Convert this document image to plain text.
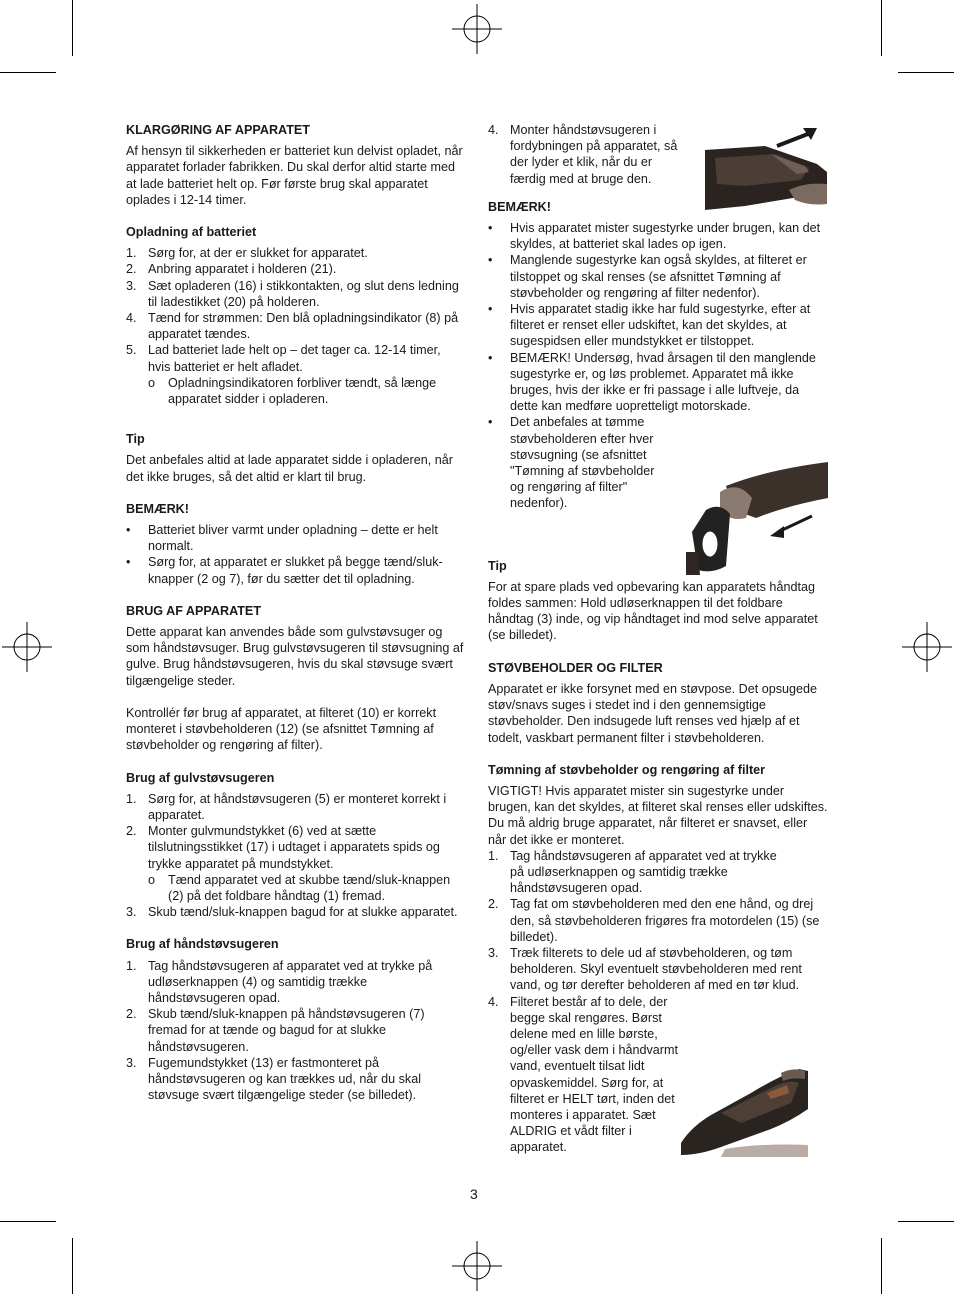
KLARGØRING AF APPARATET

Af hensyn til sikkerheden er batteriet kun delvist opladet, når apparatet forlader fabrikken. Du skal derfor altid starte med at lade batteriet helt op. Før første brug skal apparatet oplades i 12-14 timer.

Opladning af batteriet
1. Sørg for, at der er slukket for apparatet.
2. Anbring apparatet i holderen (21).
3. Sæt opladeren (16) i stikkontakten, og slut dens ledning til ladestikket (20) på holderen.
4. Tænd for strømmen: Den blå opladningsindikator (8) på apparatet tændes.
5. Lad batteriet lade helt op – det tager ca. 12-14 timer, hvis batteriet er helt afladet.
o Opladningsindikatoren forbliver tændt, så længe apparatet sidder i opladeren.
Tip

Det anbefales altid at lade apparatet sidde i opladeren, når det ikke bruges, så det altid er klart til brug.

BEMÆRK!
• Batteriet bliver varmt under opladning – dette er helt normalt.
• Sørg for, at apparatet er slukket på begge tænd/sluk-knapper (2 og 7), før du sætter det til opladning.
BRUG AF APPARATET

Dette apparat kan anvendes både som gulvstøvsuger og som håndstøvsuger. Brug gulvstøvsugeren til støvsugning af gulve. Brug håndstøvsugeren, hvis du skal støvsuge svært tilgængelige steder.

Kontrollér før brug af apparatet, at filteret (10) er korrekt monteret i støvbeholderen (12) (se afsnittet Tømning af støvbeholder og rengøring af filter).

Brug af gulvstøvsugeren
1. Sørg for, at håndstøvsugeren (5) er monteret korrekt i apparatet.
2. Monter gulvmundstykket (6) ved at sætte tilslutningsstikket (17) i udtaget i apparatets spids og trykke apparatet på mundstykket.
o Tænd apparatet ved at skubbe tænd/sluk-knappen (2) på det foldbare håndtag (1) fremad.
3. Skub tænd/sluk-knappen bagud for at slukke apparatet.
Brug af håndstøvsugeren
1. Tag håndstøvsugeren af apparatet ved at trykke på udløserknappen (4) og samtidig trække håndstøvsugeren opad.
2. Skub tænd/sluk-knappen på håndstøvsugeren (7) fremad for at tænde og bagud for at slukke håndstøvsugeren.
3. Fugemundstykket (13) er fastmonteret på håndstøvsugeren og kan trækkes ud, når du skal støvsuge svært tilgængelige steder (se billedet).
4. Monter håndstøvsugeren i fordybningen på apparatet, så der lyder et klik, når du er færdig med at bruge den.
BEMÆRK!
• Hvis apparatet mister sugestyrke under brugen, kan det skyldes, at batteriet skal lades op igen.
• Manglende sugestyrke kan også skyldes, at filteret er tilstoppet og skal renses (se afsnittet Tømning af støvbeholder og rengøring af filter nedenfor).
• Hvis apparatet stadig ikke har fuld sugestyrke, efter at filteret er renset eller udskiftet, kan det skyldes, at sugespidsen eller mundstykket er tilstoppet.
• BEMÆRK! Undersøg, hvad årsagen til den manglende sugestyrke er, og løs problemet. Apparatet må ikke bruges, hvis der ikke er fri passage i alle luftveje, da dette kan medføre uopretteligt motorskade.
• Det anbefales at tømme støvbeholderen efter hver støvsugning (se afsnittet "Tømning af støvbeholder og rengøring af filter" nedenfor).
Tip

For at spare plads ved opbevaring kan apparatets håndtag foldes sammen: Hold udløserknappen til det foldbare håndtag (3) inde, og vip håndtaget ind mod selve apparatet (se billedet).

STØVBEHOLDER OG FILTER

Apparatet er ikke forsynet med en støvpose. Det opsugede støv/snavs suges i stedet ind i den gennemsigtige støvbeholder. Den indsugede luft renses ved hjælp af et todelt, vaskbart permanent filter i støvbeholderen.

Tømning af støvbeholder og rengøring af filter

VIGTIGT! Hvis apparatet mister sin sugestyrke under brugen, kan det skyldes, at filteret skal renses eller udskiftes. Du må aldrig bruge apparatet, når filteret er snavset, eller når det ikke er monteret.

1. Tag håndstøvsugeren af apparatet ved at trykke på udløserknappen og samtidig trække håndstøvsugeren opad.
2. Tag fat om støvbeholderen med den ene hånd, og drej den, så støvbeholderen frigøres fra motordelen (15) (se billedet).
3. Træk filterets to dele ud af støvbeholderen, og tøm beholderen. Skyl eventuelt støvbeholderen med rent vand, og tør derefter beholderen af med en tør klud.
4. Filteret består af to dele, der begge skal rengøres. Børst delene med en lille børste, og/eller vask dem i håndvarmt vand, eventuelt tilsat lidt opvaskemiddel. Sørg for, at filteret er HELT tørt, inden det monteres i apparatet. Sæt ALDRIG et vådt filter i apparatet.
3
